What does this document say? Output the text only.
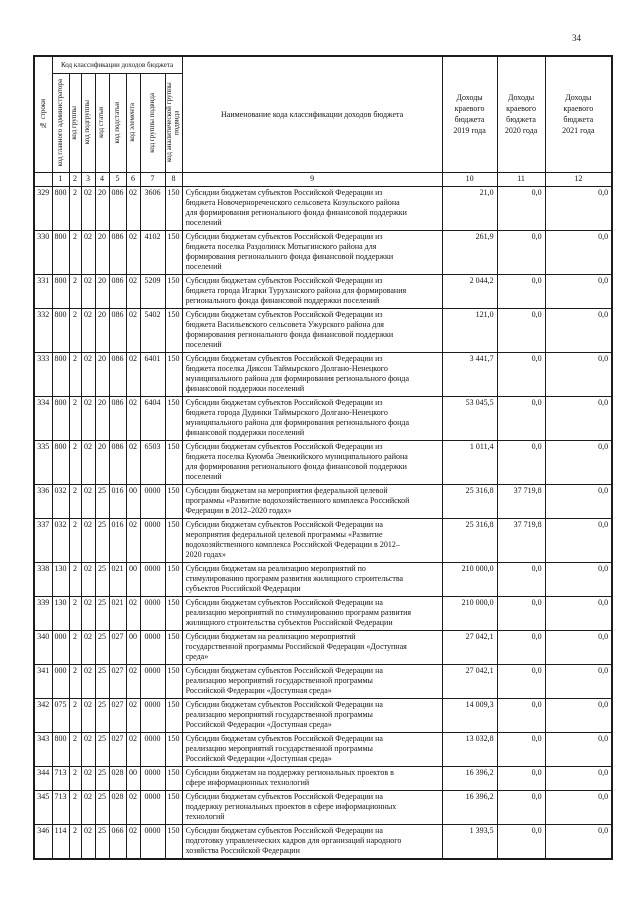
34
№ строки	Код классификации доходов бюджета								Наименование кода классификации доходов бюджета	Доходы краевого бюджета 2019 года	Доходы краевого бюджета 2020 года	Доходы краевого бюджета 2021 года

	код главного администратора	код группы	код подгруппы	код статьи	код подстатьи	код элемента	код группы подвида	код аналитической группы подвида				

	1	2	3	4	5	6	7	8	9	10	11	12
329	800	2	02	20	086	02	3606	150	Субсидии бюджетам субъектов Российской Федерации из бюджета Новочернореченского сельсовета Козульского района для формирования регионального фонда финансовой поддержки поселений	21,0	0,0	0,0
330	800	2	02	20	086	02	4102	150	Субсидии бюджетам субъектов Российской Федерации из бюджета поселка Раздолинск Мотыгинского района для формирования регионального фонда финансовой поддержки поселений	261,9	0,0	0,0
331	800	2	02	20	086	02	5209	150	Субсидии бюджетам субъектов Российской Федерации из бюджета города Игарки Туруханского района для формирования регионального фонда финансовой поддержки поселений	2 044,2	0,0	0,0
332	800	2	02	20	086	02	5402	150	Субсидии бюджетам субъектов Российской Федерации из бюджета Васильевского сельсовета Ужурского района для формирования регионального фонда финансовой поддержки поселений	121,0	0,0	0,0
333	800	2	02	20	086	02	6401	150	Субсидии бюджетам субъектов Российской Федерации из бюджета поселка Диксон Таймырского Долгано-Ненецкого муниципального района для формирования регионального фонда финансовой поддержки поселений	3 441,7	0,0	0,0
334	800	2	02	20	086	02	6404	150	Субсидии бюджетам субъектов Российской Федерации из бюджета города Дудинки Таймырского Долгано-Ненецкого муниципального района для формирования регионального фонда финансовой поддержки поселений	53 045,5	0,0	0,0
335	800	2	02	20	086	02	6503	150	Субсидии бюджетам субъектов Российской Федерации из бюджета поселка Куюмба Эвенкийского муниципального района для формирования регионального фонда финансовой поддержки поселений	1 011,4	0,0	0,0
336	032	2	02	25	016	00	0000	150	Субсидии бюджетам на мероприятия федеральной целевой программы «Развитие водохозяйственного комплекса Российской Федерации в 2012–2020 годах»	25 316,8	37 719,8	0,0
337	032	2	02	25	016	02	0000	150	Субсидии бюджетам субъектов Российской Федерации на мероприятия федеральной целевой программы «Развитие водохозяйственного комплекса Российской Федерации в 2012–2020 годах»	25 316,8	37 719,8	0,0
338	130	2	02	25	021	00	0000	150	Субсидии бюджетам на реализацию мероприятий по стимулированию программ развития жилищного строительства субъектов Российской Федерации	210 000,0	0,0	0,0
339	130	2	02	25	021	02	0000	150	Субсидии бюджетам субъектов Российской Федерации на реализацию мероприятий по стимулированию программ развития жилищного строительства субъектов Российской Федерации	210 000,0	0,0	0,0
340	000	2	02	25	027	00	0000	150	Субсидии бюджетам на реализацию мероприятий государственной программы Российской Федерации «Доступная среда»	27 042,1	0,0	0,0
341	000	2	02	25	027	02	0000	150	Субсидии бюджетам субъектов Российской Федерации на реализацию мероприятий государственной программы Российской Федерации «Доступная среда»	27 042,1	0,0	0,0
342	075	2	02	25	027	02	0000	150	Субсидии бюджетам субъектов Российской Федерации на реализацию мероприятий государственной программы Российской Федерации «Доступная среда»	14 009,3	0,0	0,0
343	800	2	02	25	027	02	0000	150	Субсидии бюджетам субъектов Российской Федерации на реализацию мероприятий государственной программы Российской Федерации «Доступная среда»	13 032,8	0,0	0,0
344	713	2	02	25	028	00	0000	150	Субсидии бюджетам на поддержку региональных проектов в сфере информационных технологий	16 396,2	0,0	0,0
345	713	2	02	25	028	02	0000	150	Субсидии бюджетам субъектов Российской Федерации на поддержку региональных проектов в сфере информационных технологий	16 396,2	0,0	0,0
346	114	2	02	25	066	02	0000	150	Субсидии бюджетам субъектов Российской Федерации на подготовку управленческих кадров для организаций народного хозяйства Российской Федерации	1 393,5	0,0	0,0
